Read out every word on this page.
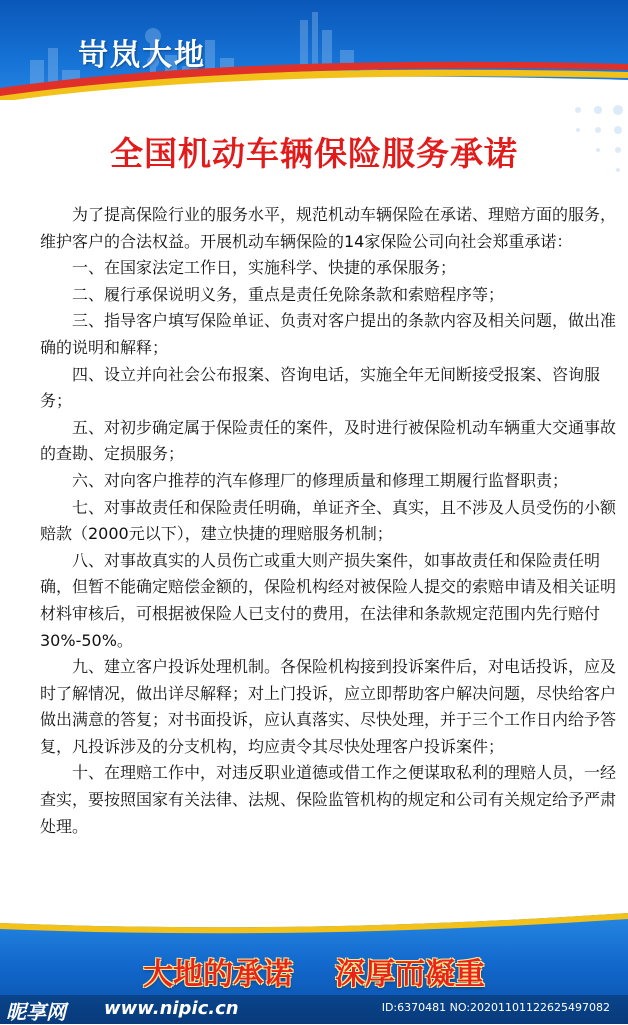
岢岚大地
全国机动车辆保险服务承诺

为了提高保险行业的服务水平，规范机动车辆保险在承诺、理赔方面的服务，维护客户的合法权益。开展机动车辆保险的14家保险公司向社会郑重承诺：

一、在国家法定工作日，实施科学、快捷的承保服务；

二、履行承保说明义务，重点是责任免除条款和索赔程序等；

三、指导客户填写保险单证、负责对客户提出的条款内容及相关问题，做出准确的说明和解释；

四、设立并向社会公布报案、咨询电话，实施全年无间断接受报案、咨询服务；

五、对初步确定属于保险责任的案件，及时进行被保险机动车辆重大交通事故的查勘、定损服务；

六、对向客户推荐的汽车修理厂的修理质量和修理工期履行监督职责；

七、对事故责任和保险责任明确，单证齐全、真实，且不涉及人员受伤的小额赔款（2000元以下），建立快捷的理赔服务机制；

八、对事故真实的人员伤亡或重大则产损失案件，如事故责任和保险责任明确，但暂不能确定赔偿金额的，保险机构经对被保险人提交的索赔申请及相关证明材料审核后，可根据被保险人已支付的费用，在法律和条款规定范围内先行赔付30%-50%。

九、建立客户投诉处理机制。各保险机构接到投诉案件后，对电话投诉，应及时了解情况，做出详尽解释；对上门投诉，应立即帮助客户解决问题，尽快给客户做出满意的答复；对书面投诉，应认真落实、尽快处理，并于三个工作日内给予答复，凡投诉涉及的分支机构，均应责令其尽快处理客户投诉案件；

十、在理赔工作中，对违反职业道德或借工作之便谋取私利的理赔人员，一经查实，要按照国家有关法律、法规、保险监管机构的规定和公司有关规定给予严肃处理。

大地的承诺    深厚而凝重
昵享网 www.nipic.cn	ID:6370481 NO:20201101122625497082
